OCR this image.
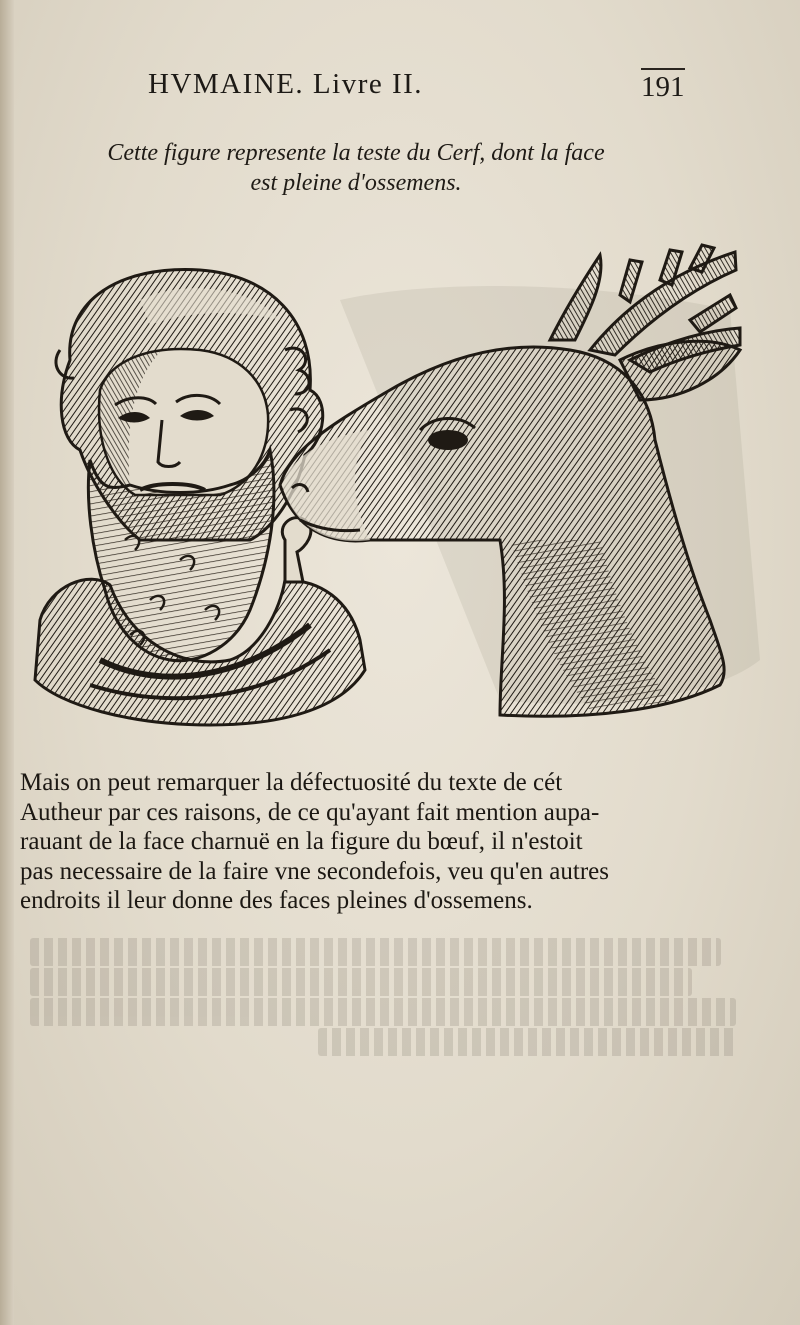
HVMAINE. Livre II.	191
Cette figure represente la teste du Cerf, dont la face
est pleine d'ossemens.
Mais on peut remarquer la défectuosité du texte de cét
Autheur par ces raisons, de ce qu'ayant fait mention aupa-
rauant de la face charnuë en la figure du bœuf, il n'estoit
pas necessaire de la faire vne secondefois, veu qu'en autres
endroits il leur donne des faces pleines d'ossemens.
